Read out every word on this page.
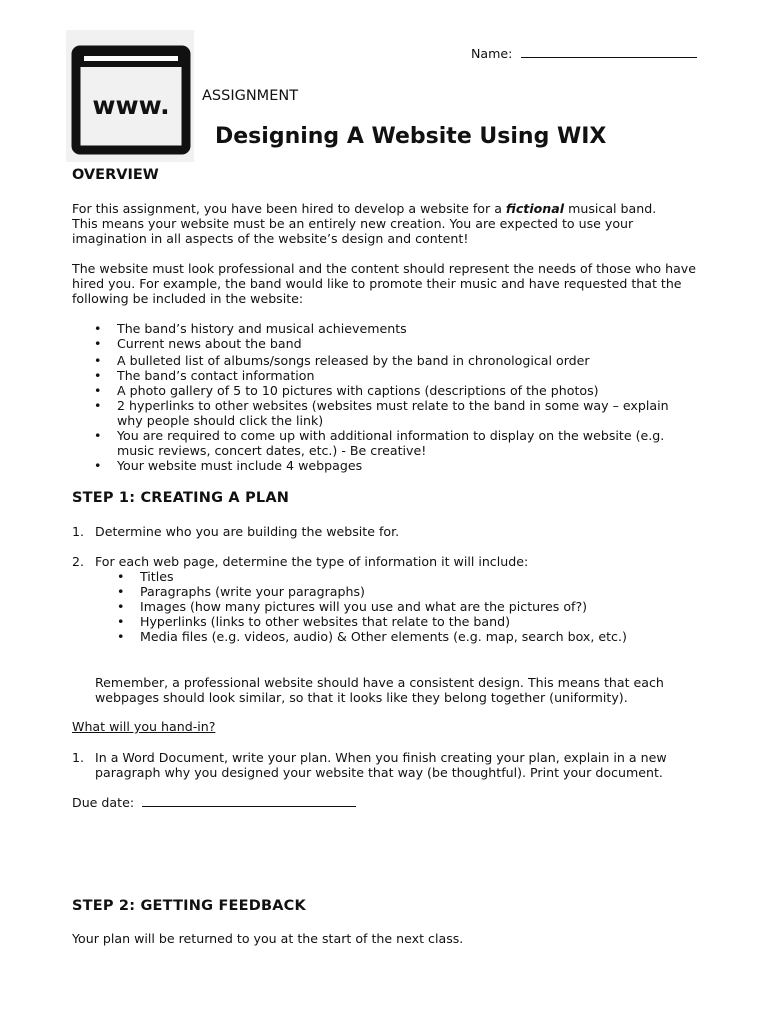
www.
Name:
ASSIGNMENT
Designing A Website Using WIX
OVERVIEW
For this assignment, you have been hired to develop a website for a fictional musical band.
This means your website must be an entirely new creation. You are expected to use your
imagination in all aspects of the website’s design and content!
The website must look professional and the content should represent the needs of those who have
hired you. For example, the band would like to promote their music and have requested that the
following be included in the website:
• The band’s history and musical achievements
• Current news about the band
• A bulleted list of albums/songs released by the band in chronological order
• The band’s contact information
• A photo gallery of 5 to 10 pictures with captions (descriptions of the photos)
• 2 hyperlinks to other websites (websites must relate to the band in some way – explain
why people should click the link)
• You are required to come up with additional information to display on the website (e.g.
music reviews, concert dates, etc.) - Be creative!
• Your website must include 4 webpages
STEP 1: CREATING A PLAN
1. Determine who you are building the website for.
2. For each web page, determine the type of information it will include:
• Titles
• Paragraphs (write your paragraphs)
• Images (how many pictures will you use and what are the pictures of?)
• Hyperlinks (links to other websites that relate to the band)
• Media files (e.g. videos, audio) & Other elements (e.g. map, search box, etc.)
Remember, a professional website should have a consistent design. This means that each
webpages should look similar, so that it looks like they belong together (uniformity).
What will you hand-in?
1. In a Word Document, write your plan. When you finish creating your plan, explain in a new
paragraph why you designed your website that way (be thoughtful). Print your document.
Due date:
STEP 2: GETTING FEEDBACK
Your plan will be returned to you at the start of the next class.
